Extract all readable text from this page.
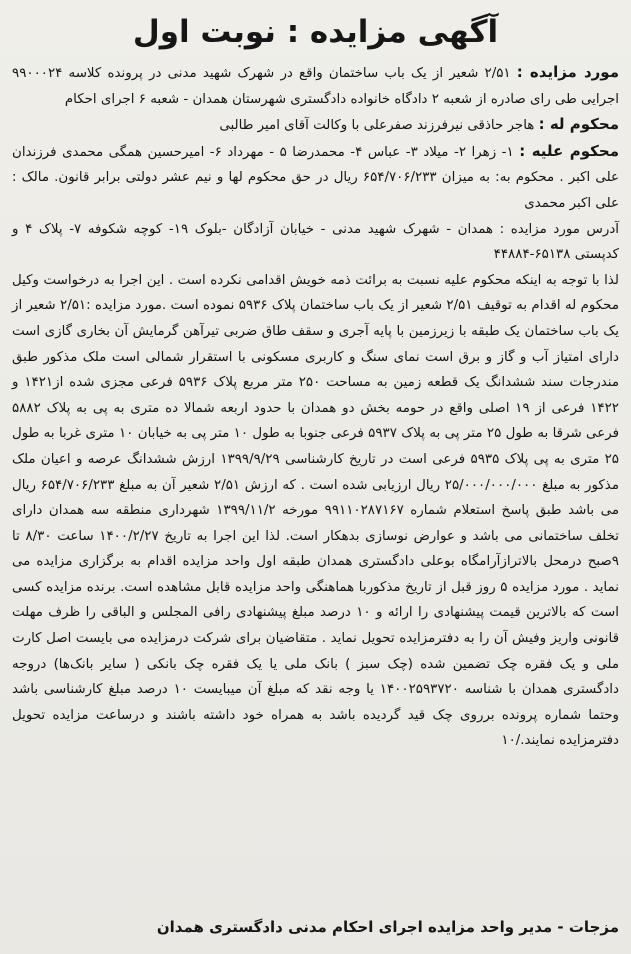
آگهی مزایده : نوبت اول

مورد مزایده : ۲/۵۱ شعیر از یک باب ساختمان واقع در شهرک شهید مدنی در پرونده کلاسه ۹۹۰۰۰۲۴ اجرایی طی رای صادره از شعبه ۲ دادگاه خانواده دادگستری شهرستان همدان - شعبه ۶ اجرای احکام

محکوم له : هاجر حاذقی نیرفرزند صفرعلی با وکالت آقای امیر طالبی

محکوم علیه : ۱- زهرا ۲- میلاد ۳- عباس ۴- محمدرضا ۵ - مهرداد ۶- امیرحسین همگی محمدی فرزندان علی اکبر . محکوم به: به میزان ۶۵۴/۷۰۶/۲۳۳ ریال در حق محکوم لها و نیم عشر دولتی برابر قانون. مالک : علی اکبر محمدی

آدرس مورد مزایده : همدان - شهرک شهید مدنی - خیابان آزادگان -بلوک ۱۹- کوچه شکوفه ۷- پلاک ۴ و کدپستی ۶۵۱۳۸-۴۴۸۸۴

لذا با توجه به اینکه محکوم علیه نسبت به برائت ذمه خویش اقدامی نکرده است . این اجرا به درخواست وکیل محکوم له اقدام به توقیف ۲/۵۱ شعیر از یک باب ساختمان پلاک ۵۹۳۶ نموده است .مورد مزایده :۲/۵۱ شعیر از یک باب ساختمان یک طبقه با زیرزمین با پایه آجری و سقف طاق ضربی تیرآهن گرمایش آن بخاری گازی است دارای امتیاز آب و گاز و برق است نمای سنگ و کاربری مسکونی با استقرار شمالی است ملک مذکور طبق مندرجات سند ششدانگ یک قطعه زمین به مساحت ۲۵۰ متر مربع پلاک ۵۹۳۶ فرعی مجزی شده از۱۴۲۱ و ۱۴۲۲ فرعی از ۱۹ اصلی واقع در حومه بخش دو همدان با حدود اربعه شمالا ده متری به پی به پلاک ۵۸۸۲ فرعی شرقا به طول ۲۵ متر پی به پلاک ۵۹۳۷ فرعی جنوبا به طول ۱۰ متر پی به خیابان ۱۰ متری غربا به طول ۲۵ متری به پی پلاک ۵۹۳۵ فرعی است در تاریخ کارشناسی ۱۳۹۹/۹/۲۹ ارزش ششدانگ عرصه و اعیان ملک مذکور به مبلغ ۲۵/۰۰۰/۰۰۰/۰۰۰ ریال ارزیابی شده است . که ارزش ۲/۵۱ شعیر آن به مبلغ ۶۵۴/۷۰۶/۲۳۳ ریال می باشد طبق پاسخ استعلام شماره ۹۹۱۱۰۲۸۷۱۶۷ مورخه ۱۳۹۹/۱۱/۲ شهرداری منطقه سه همدان دارای تخلف ساختمانی می باشد و عوارض نوسازی بدهکار است. لذا این اجرا به تاریخ ۱۴۰۰/۲/۲۷ ساعت ۸/۳۰ تا ۹صبح درمحل بالاترازآرامگاه بوعلی دادگستری همدان طبقه اول واحد مزایده اقدام به برگزاری مزایده می نماید . مورد مزایده ۵ روز قبل از تاریخ مذکوربا هماهنگی واحد مزایده قابل مشاهده است. برنده مزایده کسی است که بالاترین قیمت پیشنهادی را ارائه و ۱۰ درصد مبلغ پیشنهادی رافی المجلس و الباقی را ظرف مهلت قانونی واریز وفیش آن را به دفترمزایده تحویل نماید . متقاضیان برای شرکت درمزایده می بایست اصل کارت ملی و یک فقره چک تضمین شده (چک سبز ) بانک ملی یا یک فقره چک بانکی ( سایر بانک‌ها) دروجه دادگستری همدان با شناسه ۱۴۰۰۲۵۹۳۷۲۰ یا وجه نقد که مبلغ آن میبایست ۱۰ درصد مبلغ کارشناسی باشد وحتما شماره پرونده برروی چک قید گردیده باشد به همراه خود داشته باشند و درساعت مزایده تحویل دفترمزایده نمایند./۱۰

مزجات - مدیر واحد مزایده اجرای احکام مدنی دادگستری همدان
